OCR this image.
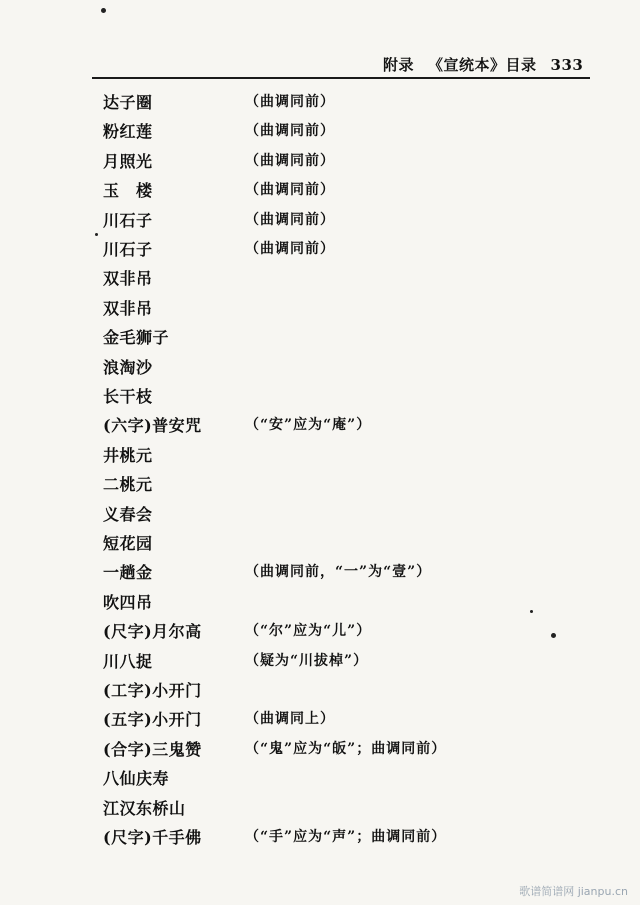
附录 《宣统本》目录 333
达子圈	（曲调同前）
粉红莲	（曲调同前）
月照光	（曲调同前）
玉　楼	（曲调同前）
川石子	（曲调同前）
川石子	（曲调同前）
双非吊
双非吊
金毛狮子
浪淘沙
长干枝
(六字)普安咒	（“安”应为“庵”）
井桃元
二桃元
义春会
短花园
一趟金	（曲调同前，“一”为“壹”）
吹四吊
(尺字)月尔高	（“尔”应为“儿”）
川八捉	（疑为“川拔棹”）
(工字)小开门
(五字)小开门	（曲调同上）
(合字)三鬼赞	（“鬼”应为“皈”；曲调同前）
八仙庆寿
江汉东桥山
(尺字)千手佛	（“手”应为“声”；曲调同前）
歌谱简谱网 jianpu.cn
